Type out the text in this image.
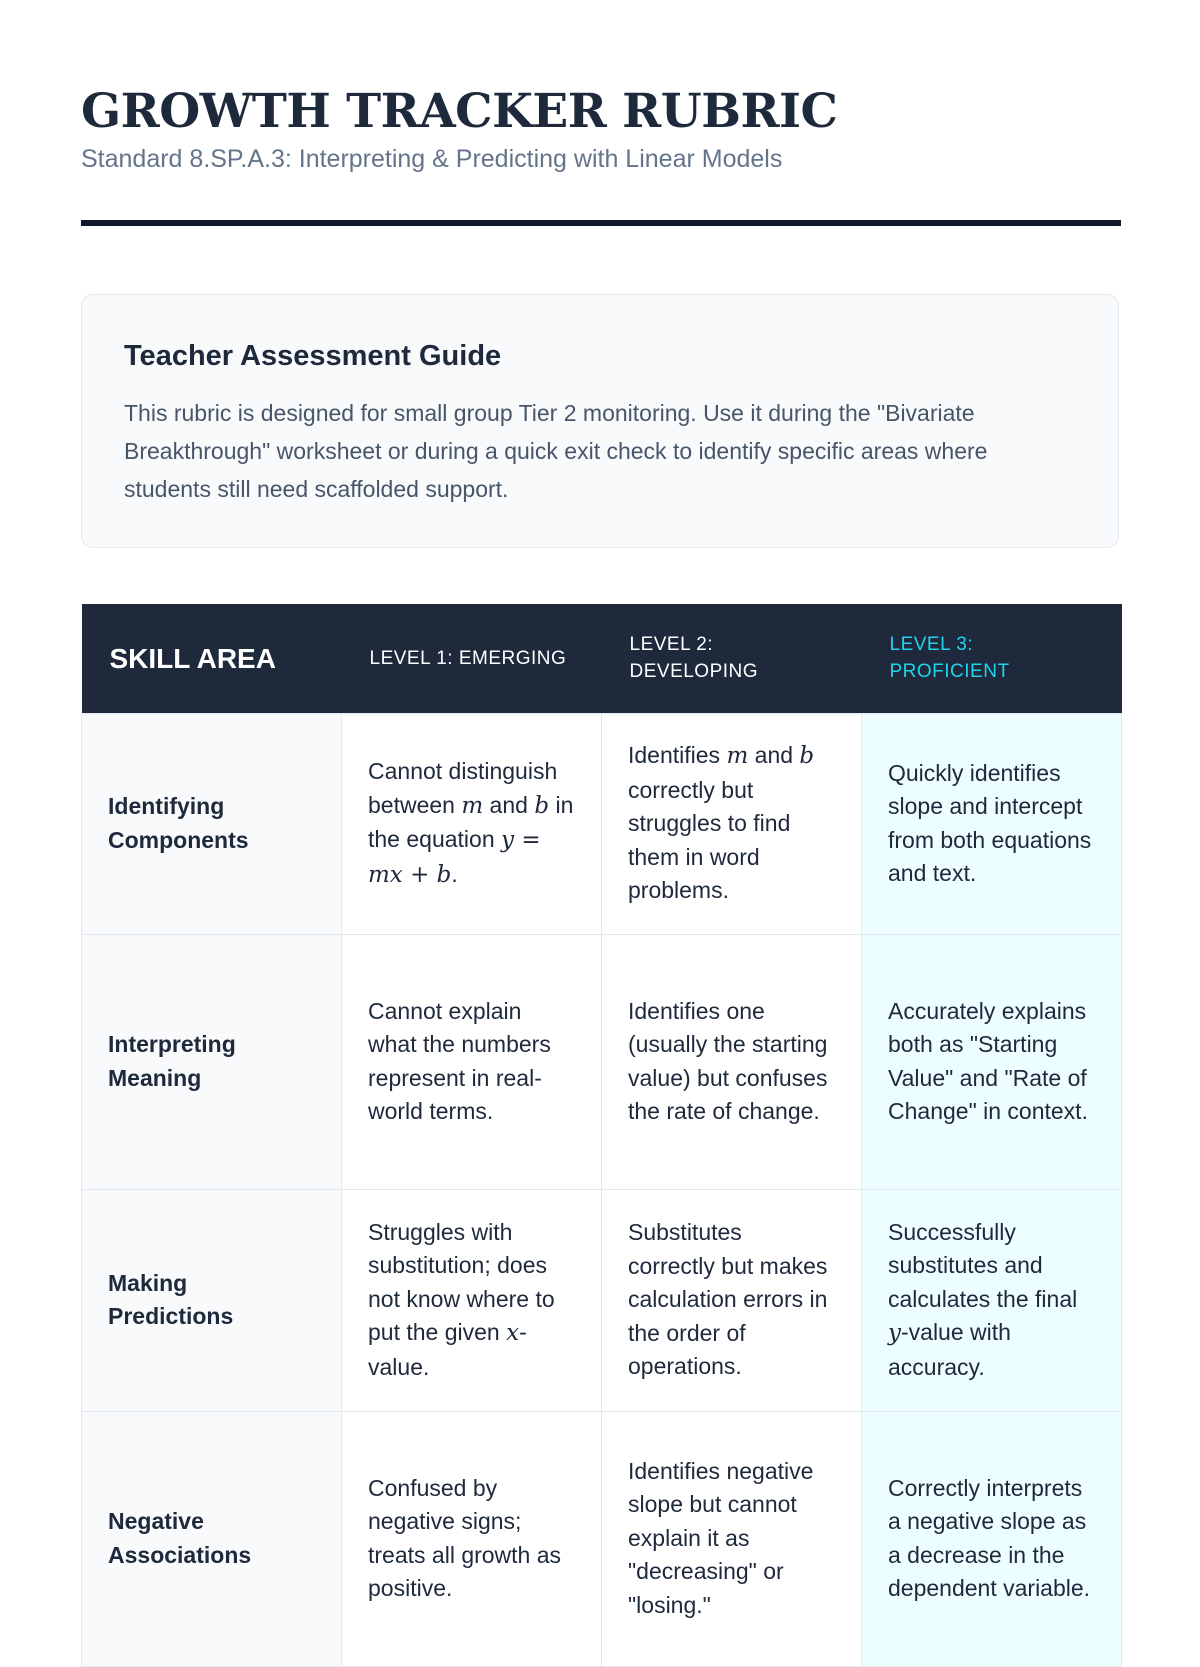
GROWTH TRACKER RUBRIC
Standard 8.SP.A.3: Interpreting & Predicting with Linear Models
Teacher Assessment Guide

This rubric is designed for small group Tier 2 monitoring. Use it during the "Bivariate Breakthrough" worksheet or during a quick exit check to identify specific areas where students still need scaffolded support.

SKILL AREA	LEVEL 1: EMERGING	LEVEL 2: DEVELOPING	LEVEL 3: PROFICIENT
Identifying Components	Cannot distinguish between m and b in the equation y = mx + b.	Identifies m and b correctly but struggles to find them in word problems.	Quickly identifies slope and intercept from both equations and text.
Interpreting Meaning	Cannot explain what the numbers represent in real-world terms.	Identifies one (usually the starting value) but confuses the rate of change.	Accurately explains both as "Starting Value" and "Rate of Change" in context.
Making Predictions	Struggles with substitution; does not know where to put the given x-value.	Substitutes correctly but makes calculation errors in the order of operations.	Successfully substitutes and calculates the final y-value with accuracy.
Negative Associations	Confused by negative signs; treats all growth as positive.	Identifies negative slope but cannot explain it as "decreasing" or "losing."	Correctly interprets a negative slope as a decrease in the dependent variable.
